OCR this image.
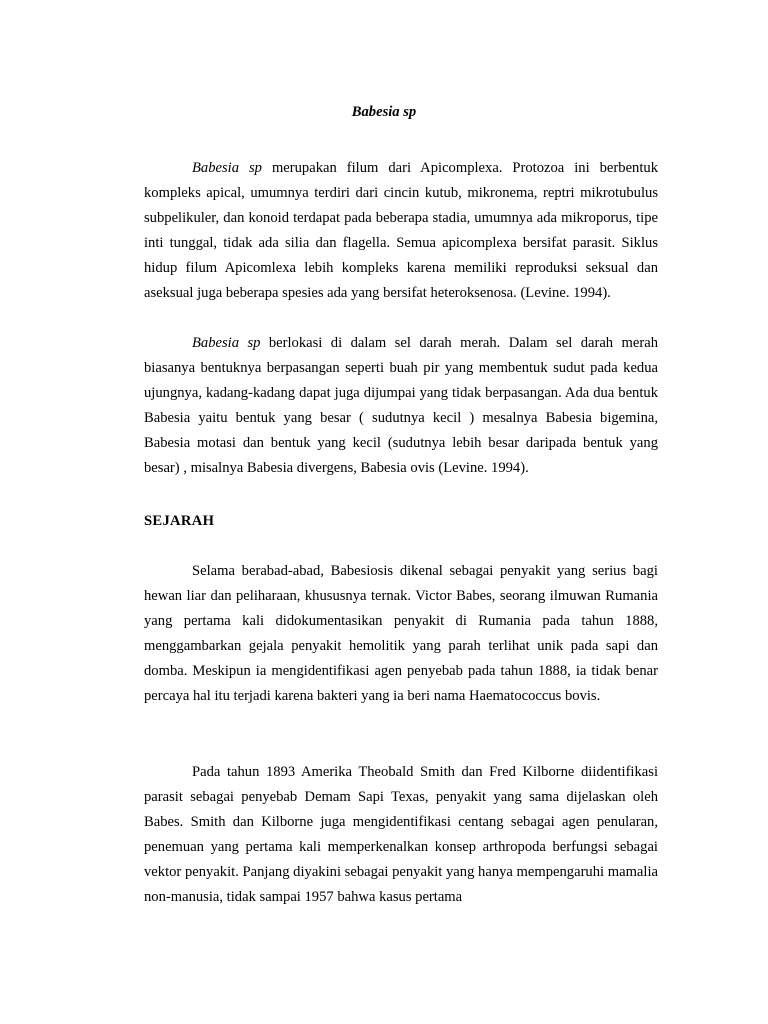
Babesia sp

Babesia sp merupakan filum dari Apicomplexa. Protozoa ini berbentuk kompleks apical, umumnya terdiri dari cincin kutub, mikronema, reptri mikrotubulus subpelikuler, dan konoid terdapat pada beberapa stadia, umumnya ada mikroporus, tipe inti tunggal, tidak ada silia dan flagella. Semua apicomplexa bersifat parasit. Siklus hidup filum Apicomlexa lebih kompleks karena memiliki reproduksi seksual dan aseksual juga beberapa spesies ada yang bersifat heteroksenosa. (Levine. 1994).

Babesia sp berlokasi di dalam sel darah merah. Dalam sel darah merah biasanya bentuknya berpasangan seperti buah pir yang membentuk sudut pada kedua ujungnya, kadang-kadang dapat juga dijumpai yang tidak berpasangan. Ada dua bentuk Babesia yaitu bentuk yang besar ( sudutnya kecil ) mesalnya Babesia bigemina, Babesia motasi dan bentuk yang kecil (sudutnya lebih besar daripada bentuk yang besar) , misalnya Babesia divergens, Babesia ovis (Levine. 1994).

SEJARAH

Selama berabad-abad, Babesiosis dikenal sebagai penyakit yang serius bagi hewan liar dan peliharaan, khususnya ternak. Victor Babes, seorang ilmuwan Rumania yang pertama kali didokumentasikan penyakit di Rumania pada tahun 1888, menggambarkan gejala penyakit hemolitik yang parah terlihat unik pada sapi dan domba. Meskipun ia mengidentifikasi agen penyebab pada tahun 1888, ia tidak benar percaya hal itu terjadi karena bakteri yang ia beri nama Haematococcus bovis.

Pada tahun 1893 Amerika Theobald Smith dan Fred Kilborne diidentifikasi parasit sebagai penyebab Demam Sapi Texas, penyakit yang sama dijelaskan oleh Babes. Smith dan Kilborne juga mengidentifikasi centang sebagai agen penularan, penemuan yang pertama kali memperkenalkan konsep arthropoda berfungsi sebagai vektor penyakit. Panjang diyakini sebagai penyakit yang hanya mempengaruhi mamalia non-manusia, tidak sampai 1957 bahwa kasus pertama
